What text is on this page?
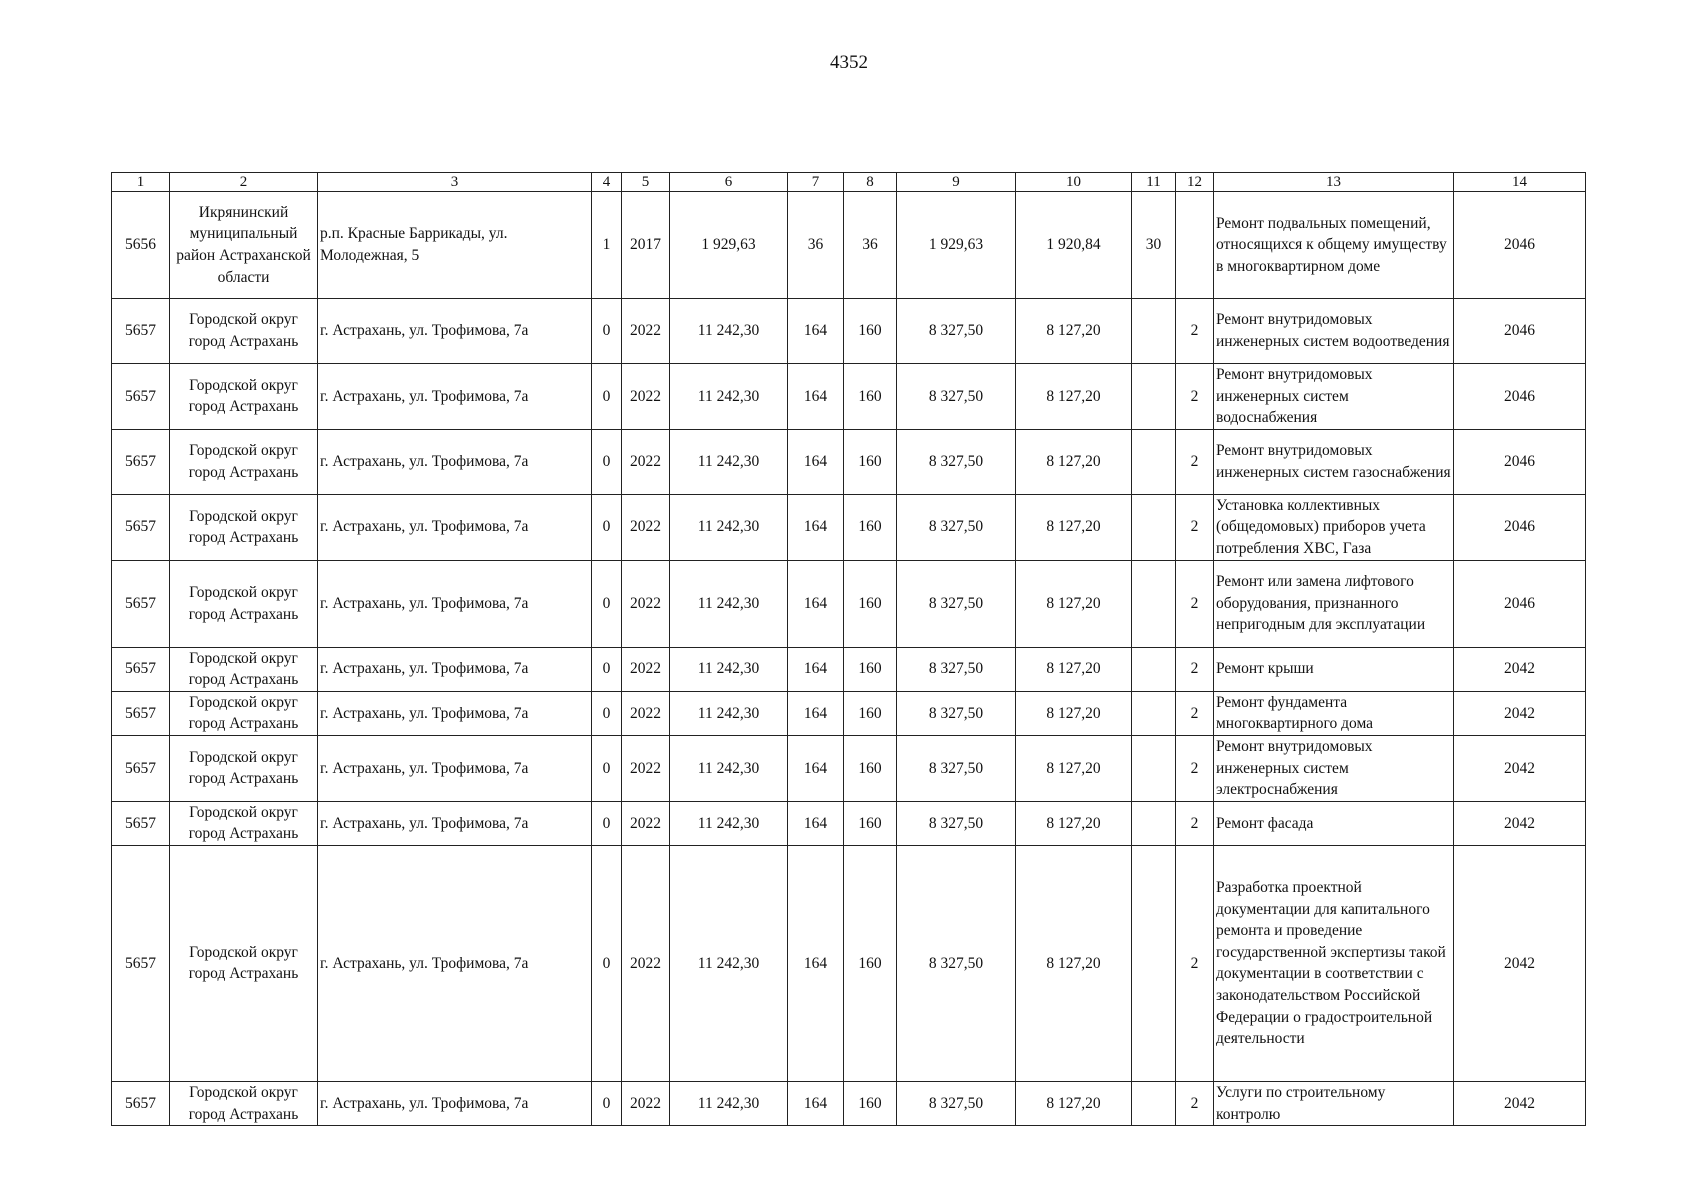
4352
1	2	3	4	5	6	7	8	9	10	11	12	13	14
5656	Икрянинский муниципальный район Астраханской области	р.п. Красные Баррикады, ул. Молодежная, 5	1	2017	1 929,63	36	36	1 929,63	1 920,84	30		Ремонт подвальных помещений, относящихся к общему имуществу в многоквартирном доме	2046
5657	Городской округ город Астрахань	г. Астрахань, ул. Трофимова, 7а	0	2022	11 242,30	164	160	8 327,50	8 127,20		2	Ремонт внутридомовых инженерных систем водоотведения	2046
5657	Городской округ город Астрахань	г. Астрахань, ул. Трофимова, 7а	0	2022	11 242,30	164	160	8 327,50	8 127,20		2	Ремонт внутридомовых инженерных систем водоснабжения	2046
5657	Городской округ город Астрахань	г. Астрахань, ул. Трофимова, 7а	0	2022	11 242,30	164	160	8 327,50	8 127,20		2	Ремонт внутридомовых инженерных систем газоснабжения	2046
5657	Городской округ город Астрахань	г. Астрахань, ул. Трофимова, 7а	0	2022	11 242,30	164	160	8 327,50	8 127,20		2	Установка коллективных (общедомовых) приборов учета потребления ХВС, Газа	2046
5657	Городской округ город Астрахань	г. Астрахань, ул. Трофимова, 7а	0	2022	11 242,30	164	160	8 327,50	8 127,20		2	Ремонт или замена лифтового оборудования, признанного непригодным для эксплуатации	2046
5657	Городской округ город Астрахань	г. Астрахань, ул. Трофимова, 7а	0	2022	11 242,30	164	160	8 327,50	8 127,20		2	Ремонт крыши	2042
5657	Городской округ город Астрахань	г. Астрахань, ул. Трофимова, 7а	0	2022	11 242,30	164	160	8 327,50	8 127,20		2	Ремонт фундамента многоквартирного дома	2042
5657	Городской округ город Астрахань	г. Астрахань, ул. Трофимова, 7а	0	2022	11 242,30	164	160	8 327,50	8 127,20		2	Ремонт внутридомовых инженерных систем электроснабжения	2042
5657	Городской округ город Астрахань	г. Астрахань, ул. Трофимова, 7а	0	2022	11 242,30	164	160	8 327,50	8 127,20		2	Ремонт фасада	2042
5657	Городской округ город Астрахань	г. Астрахань, ул. Трофимова, 7а	0	2022	11 242,30	164	160	8 327,50	8 127,20		2	Разработка проектной документации для капитального ремонта и проведение государственной экспертизы такой документации в соответствии с законодательством Российской Федерации о градостроительной деятельности	2042
5657	Городской округ город Астрахань	г. Астрахань, ул. Трофимова, 7а	0	2022	11 242,30	164	160	8 327,50	8 127,20		2	Услуги по строительному контролю	2042
